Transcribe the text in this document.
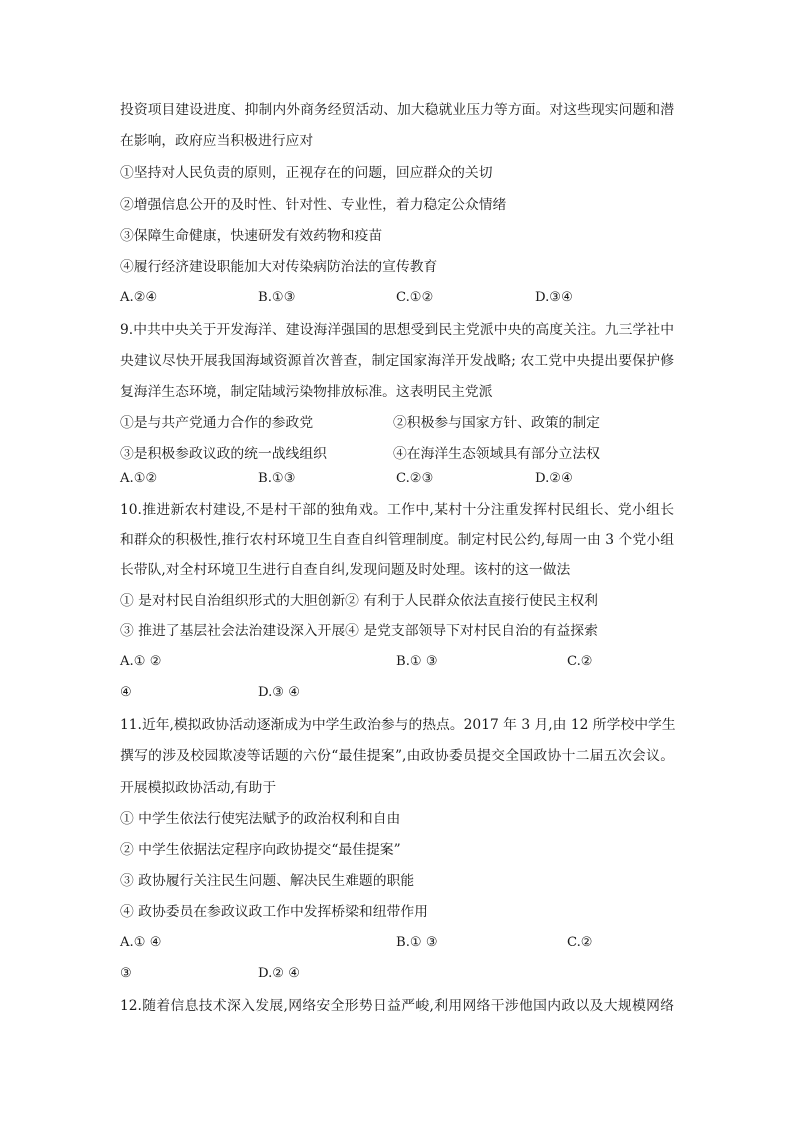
投资项目建设进度、抑制内外商务经贸活动、加大稳就业压力等方面。对这些现实问题和潜
在影响，政府应当积极进行应对
①坚持对人民负责的原则，正视存在的问题，回应群众的关切
②增强信息公开的及时性、针对性、专业性，着力稳定公众情绪
③保障生命健康，快速研发有效药物和疫苗
④履行经济建设职能加大对传染病防治法的宣传教育
A.②④	B.①③	C.①②	D.③④
9.中共中央关于开发海洋、建设海洋强国的思想受到民主党派中央的高度关注。九三学社中
央建议尽快开展我国海域资源首次普查，制定国家海洋开发战略; 农工党中央提出要保护修
复海洋生态环境，制定陆域污染物排放标准。这表明民主党派
①是与共产党通力合作的参政党	②积极参与国家方针、政策的制定
③是积极参政议政的统一战线组织	④在海洋生态领域具有部分立法权
A.①②	B.①③	C.②③	D.②④
10.推进新农村建设,不是村干部的独角戏。工作中,某村十分注重发挥村民组长、党小组长
和群众的积极性,推行农村环境卫生自查自纠管理制度。制定村民公约,每周一由 3 个党小组
长带队,对全村环境卫生进行自查自纠,发现问题及时处理。该村的这一做法
① 是对村民自治组织形式的大胆创新② 有利于人民群众依法直接行使民主权利
③ 推进了基层社会法治建设深入开展④ 是党支部领导下对村民自治的有益探索
A.① ②	B.① ③	C.②
④	D.③ ④
11.近年,模拟政协活动逐渐成为中学生政治参与的热点。2017 年 3 月,由 12 所学校中学生
撰写的涉及校园欺凌等话题的六份“最佳提案”,由政协委员提交全国政协十二届五次会议。
开展模拟政协活动,有助于
① 中学生依法行使宪法赋予的政治权利和自由
② 中学生依据法定程序向政协提交“最佳提案”
③ 政协履行关注民生问题、解决民生难题的职能
④ 政协委员在参政议政工作中发挥桥梁和纽带作用
A.① ④	B.① ③	C.②
③	D.② ④
12.随着信息技术深入发展,网络安全形势日益严峻,利用网络干涉他国内政以及大规模网络
